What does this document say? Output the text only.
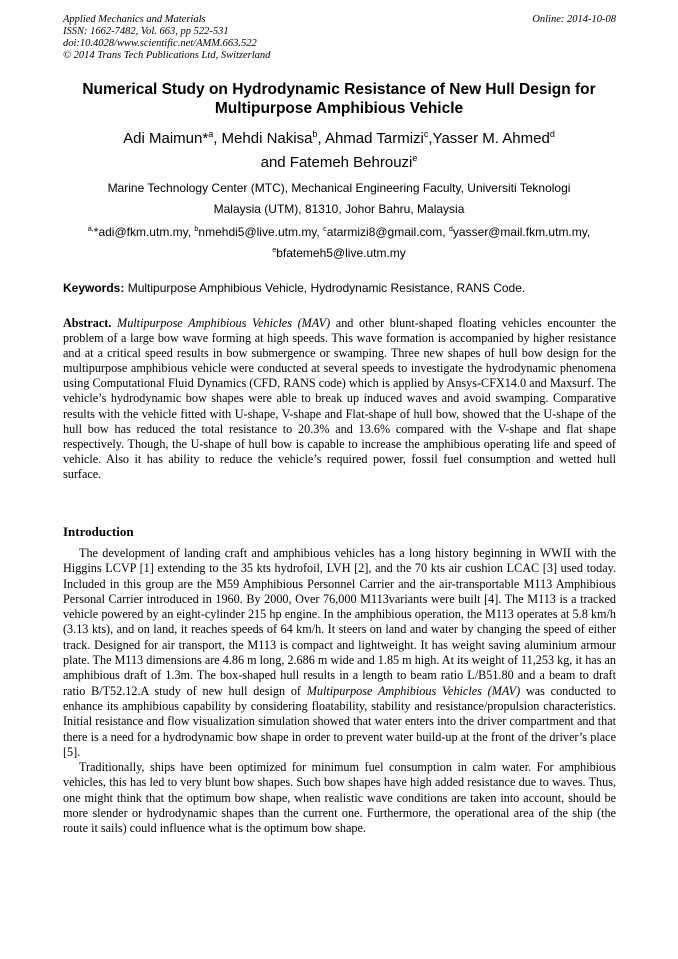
Applied Mechanics and Materials
ISSN: 1662-7482, Vol. 663, pp 522-531
doi:10.4028/www.scientific.net/AMM.663.522
© 2014 Trans Tech Publications Ltd, Switzerland
Online: 2014-10-08
Numerical Study on Hydrodynamic Resistance of New Hull Design for Multipurpose Amphibious Vehicle
Adi Maimun*$^a$, Mehdi Nakisa$^b$, Ahmad Tarmizi$^c$,Yasser M. Ahmed$^d$
and Fatemeh Behrouzi$^e$
Marine Technology Center (MTC), Mechanical Engineering Faculty, Universiti Teknologi
Malaysia (UTM), 81310, Johor Bahru, Malaysia
$^{a,}$*adi@fkm.utm.my, $^b$nmehdi5@live.utm.my, $^c$atarmizi8@gmail.com, $^d$yasser@mail.fkm.utm.my,
$^e$bfatemeh5@live.utm.my
Keywords: Multipurpose Amphibious Vehicle, Hydrodynamic Resistance, RANS Code.
Abstract. Multipurpose Amphibious Vehicles (MAV) and other blunt-shaped floating vehicles encounter the problem of a large bow wave forming at high speeds. This wave formation is accompanied by higher resistance and at a critical speed results in bow submergence or swamping. Three new shapes of hull bow design for the multipurpose amphibious vehicle were conducted at several speeds to investigate the hydrodynamic phenomena using Computational Fluid Dynamics (CFD, RANS code) which is applied by Ansys-CFX14.0 and Maxsurf. The vehicle’s hydrodynamic bow shapes were able to break up induced waves and avoid swamping. Comparative results with the vehicle fitted with U-shape, V-shape and Flat-shape of hull bow, showed that the U-shape of the hull bow has reduced the total resistance to 20.3% and 13.6% compared with the V-shape and flat shape respectively. Though, the U-shape of hull bow is capable to increase the amphibious operating life and speed of vehicle. Also it has ability to reduce the vehicle’s required power, fossil fuel consumption and wetted hull surface.
Introduction

The development of landing craft and amphibious vehicles has a long history beginning in WWII with the Higgins LCVP [1] extending to the 35 kts hydrofoil, LVH [2], and the 70 kts air cushion LCAC [3] used today. Included in this group are the M59 Amphibious Personnel Carrier and the air-transportable M113 Amphibious Personal Carrier introduced in 1960. By 2000, Over 76,000 M113variants were built [4]. The M113 is a tracked vehicle powered by an eight-cylinder 215 hp engine. In the amphibious operation, the M113 operates at 5.8 km/h (3.13 kts), and on land, it reaches speeds of 64 km/h. It steers on land and water by changing the speed of either track. Designed for air transport, the M113 is compact and lightweight. It has weight saving aluminium armour plate. The M113 dimensions are 4.86 m long, 2.686 m wide and 1.85 m high. At its weight of 11,253 kg, it has an amphibious draft of 1.3m. The box-shaped hull results in a length to beam ratio L/B51.80 and a beam to draft ratio B/T52.12.A study of new hull design of Multipurpose Amphibious Vehicles (MAV) was conducted to enhance its amphibious capability by considering floatability, stability and resistance/propulsion characteristics. Initial resistance and flow visualization simulation showed that water enters into the driver compartment and that there is a need for a hydrodynamic bow shape in order to prevent water build-up at the front of the driver’s place [5].

Traditionally, ships have been optimized for minimum fuel consumption in calm water. For amphibious vehicles, this has led to very blunt bow shapes. Such bow shapes have high added resistance due to waves. Thus, one might think that the optimum bow shape, when realistic wave conditions are taken into account, should be more slender or hydrodynamic shapes than the current one. Furthermore, the operational area of the ship (the route it sails) could influence what is the optimum bow shape.
